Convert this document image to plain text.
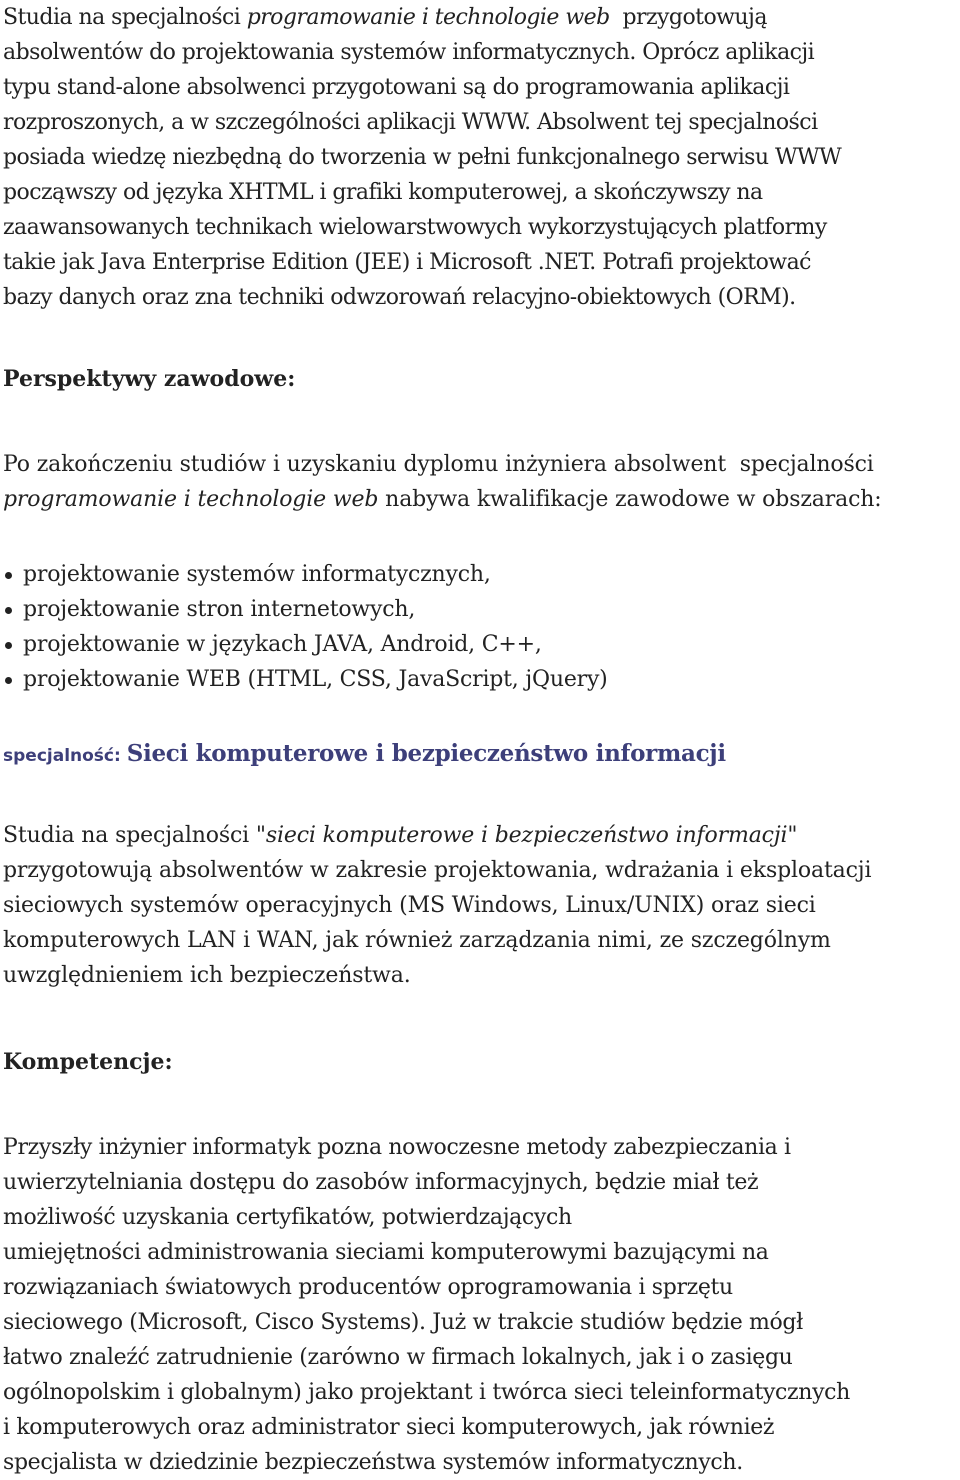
Studia na specjalności programowanie i technologie web  przygotowują
absolwentów do projektowania systemów informatycznych. Oprócz aplikacji
typu stand-alone absolwenci przygotowani są do programowania aplikacji
rozproszonych, a w szczególności aplikacji WWW. Absolwent tej specjalności
posiada wiedzę niezbędną do tworzenia w pełni funkcjonalnego serwisu WWW
począwszy od języka XHTML i grafiki komputerowej, a skończywszy na
zaawansowanych technikach wielowarstwowych wykorzystujących platformy
takie jak Java Enterprise Edition (JEE) i Microsoft .NET. Potrafi projektować
bazy danych oraz zna techniki odwzorowań relacyjno-obiektowych (ORM).

Perspektywy zawodowe:

Po zakończeniu studiów i uzyskaniu dyplomu inżyniera absolwent  specjalności
programowanie i technologie web nabywa kwalifikacje zawodowe w obszarach:

projektowanie systemów informatycznych,
projektowanie stron internetowych,
projektowanie w językach JAVA, Android, C++,
projektowanie WEB (HTML, CSS, JavaScript, jQuery)
specjalność: Sieci komputerowe i bezpieczeństwo informacji

Studia na specjalności "sieci komputerowe i bezpieczeństwo informacji"
przygotowują absolwentów w zakresie projektowania, wdrażania i eksploatacji
sieciowych systemów operacyjnych (MS Windows, Linux/UNIX) oraz sieci
komputerowych LAN i WAN, jak również zarządzania nimi, ze szczególnym
uwzględnieniem ich bezpieczeństwa.

Kompetencje:

Przyszły inżynier informatyk pozna nowoczesne metody zabezpieczania i
uwierzytelniania dostępu do zasobów informacyjnych, będzie miał też
możliwość uzyskania certyfikatów, potwierdzających
umiejętności administrowania sieciami komputerowymi bazującymi na
rozwiązaniach światowych producentów oprogramowania i sprzętu
sieciowego (Microsoft, Cisco Systems). Już w trakcie studiów będzie mógł
łatwo znaleźć zatrudnienie (zarówno w firmach lokalnych, jak i o zasięgu
ogólnopolskim i globalnym) jako projektant i twórca sieci teleinformatycznych
i komputerowych oraz administrator sieci komputerowych, jak również
specjalista w dziedzinie bezpieczeństwa systemów informatycznych.
